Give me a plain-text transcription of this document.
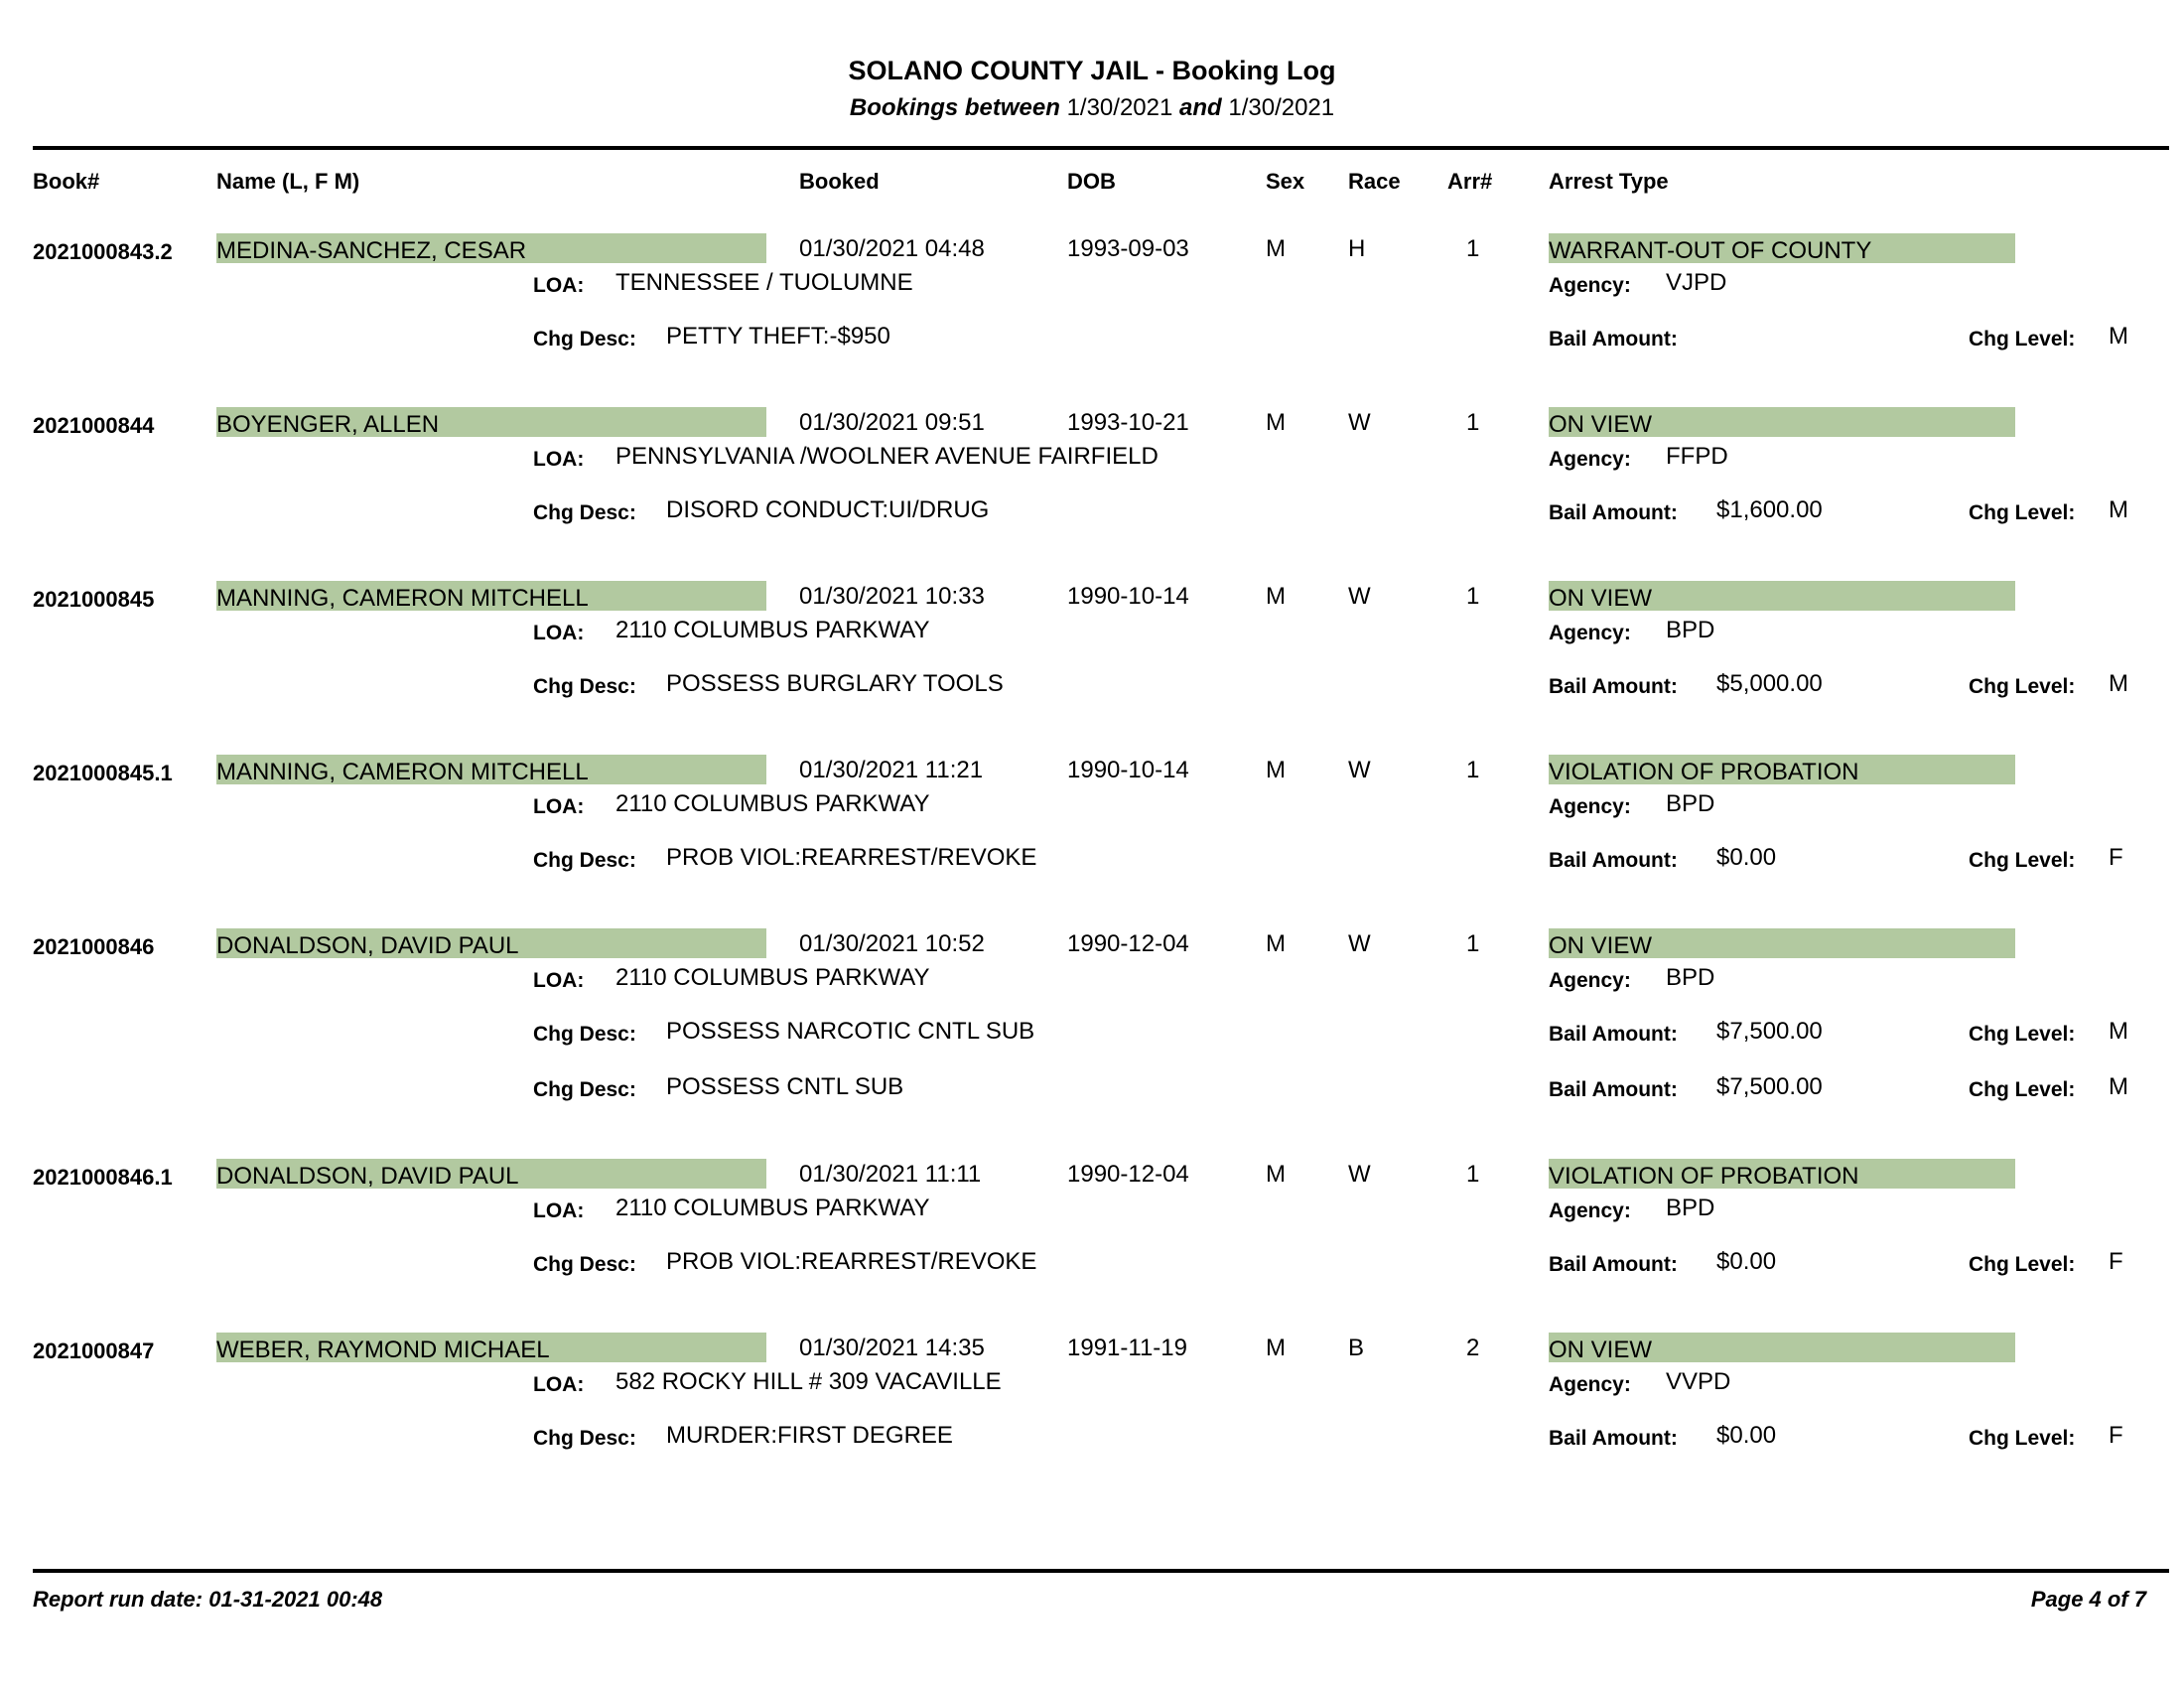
SOLANO COUNTY JAIL - Booking Log
Bookings between 1/30/2021 and 1/30/2021
Book#	Name (L, F M)	Booked	DOB	Sex Race Arr#	Arrest Type
2021000843.2 MEDINA-SANCHEZ, CESAR	01/30/2021 04:48	1993-09-03	M	H	1	WARRANT-OUT OF COUNTY
LOA: TENNESSEE / TUOLUMNE	Agency: VJPD
Chg Desc: PETTY THEFT:-$950	Bail Amount:	Chg Level: M
2021000844	BOYENGER, ALLEN	01/30/2021 09:51	1993-10-21	M	W	1	ON VIEW
LOA: PENNSYLVANIA /WOOLNER AVENUE FAIRFIELD	Agency: FFPD
Chg Desc: DISORD CONDUCT:UI/DRUG	Bail Amount: $1,600.00	Chg Level: M
2021000845	MANNING, CAMERON MITCHELL	01/30/2021 10:33	1990-10-14	M	W	1	ON VIEW
LOA: 2110 COLUMBUS PARKWAY	Agency: BPD
Chg Desc: POSSESS BURGLARY TOOLS	Bail Amount: $5,000.00	Chg Level: M
2021000845.1 MANNING, CAMERON MITCHELL	01/30/2021 11:21	1990-10-14	M	W	1	VIOLATION OF PROBATION
LOA: 2110 COLUMBUS PARKWAY	Agency: BPD
Chg Desc: PROB VIOL:REARREST/REVOKE	Bail Amount: $0.00	Chg Level: F
2021000846	DONALDSON, DAVID PAUL	01/30/2021 10:52	1990-12-04	M	W	1	ON VIEW
LOA: 2110 COLUMBUS PARKWAY	Agency: BPD
Chg Desc: POSSESS NARCOTIC CNTL SUB	Bail Amount: $7,500.00	Chg Level: M
Chg Desc: POSSESS CNTL SUB	Bail Amount: $7,500.00	Chg Level: M
2021000846.1 DONALDSON, DAVID PAUL	01/30/2021 11:11	1990-12-04	M	W	1	VIOLATION OF PROBATION
LOA: 2110 COLUMBUS PARKWAY	Agency: BPD
Chg Desc: PROB VIOL:REARREST/REVOKE	Bail Amount: $0.00	Chg Level: F
2021000847	WEBER, RAYMOND MICHAEL	01/30/2021 14:35	1991-11-19	M	B	2	ON VIEW
LOA: 582 ROCKY HILL # 309 VACAVILLE	Agency: VVPD
Chg Desc: MURDER:FIRST DEGREE	Bail Amount: $0.00	Chg Level: F
Report run date: 01-31-2021 00:48	Page 4 of 7
